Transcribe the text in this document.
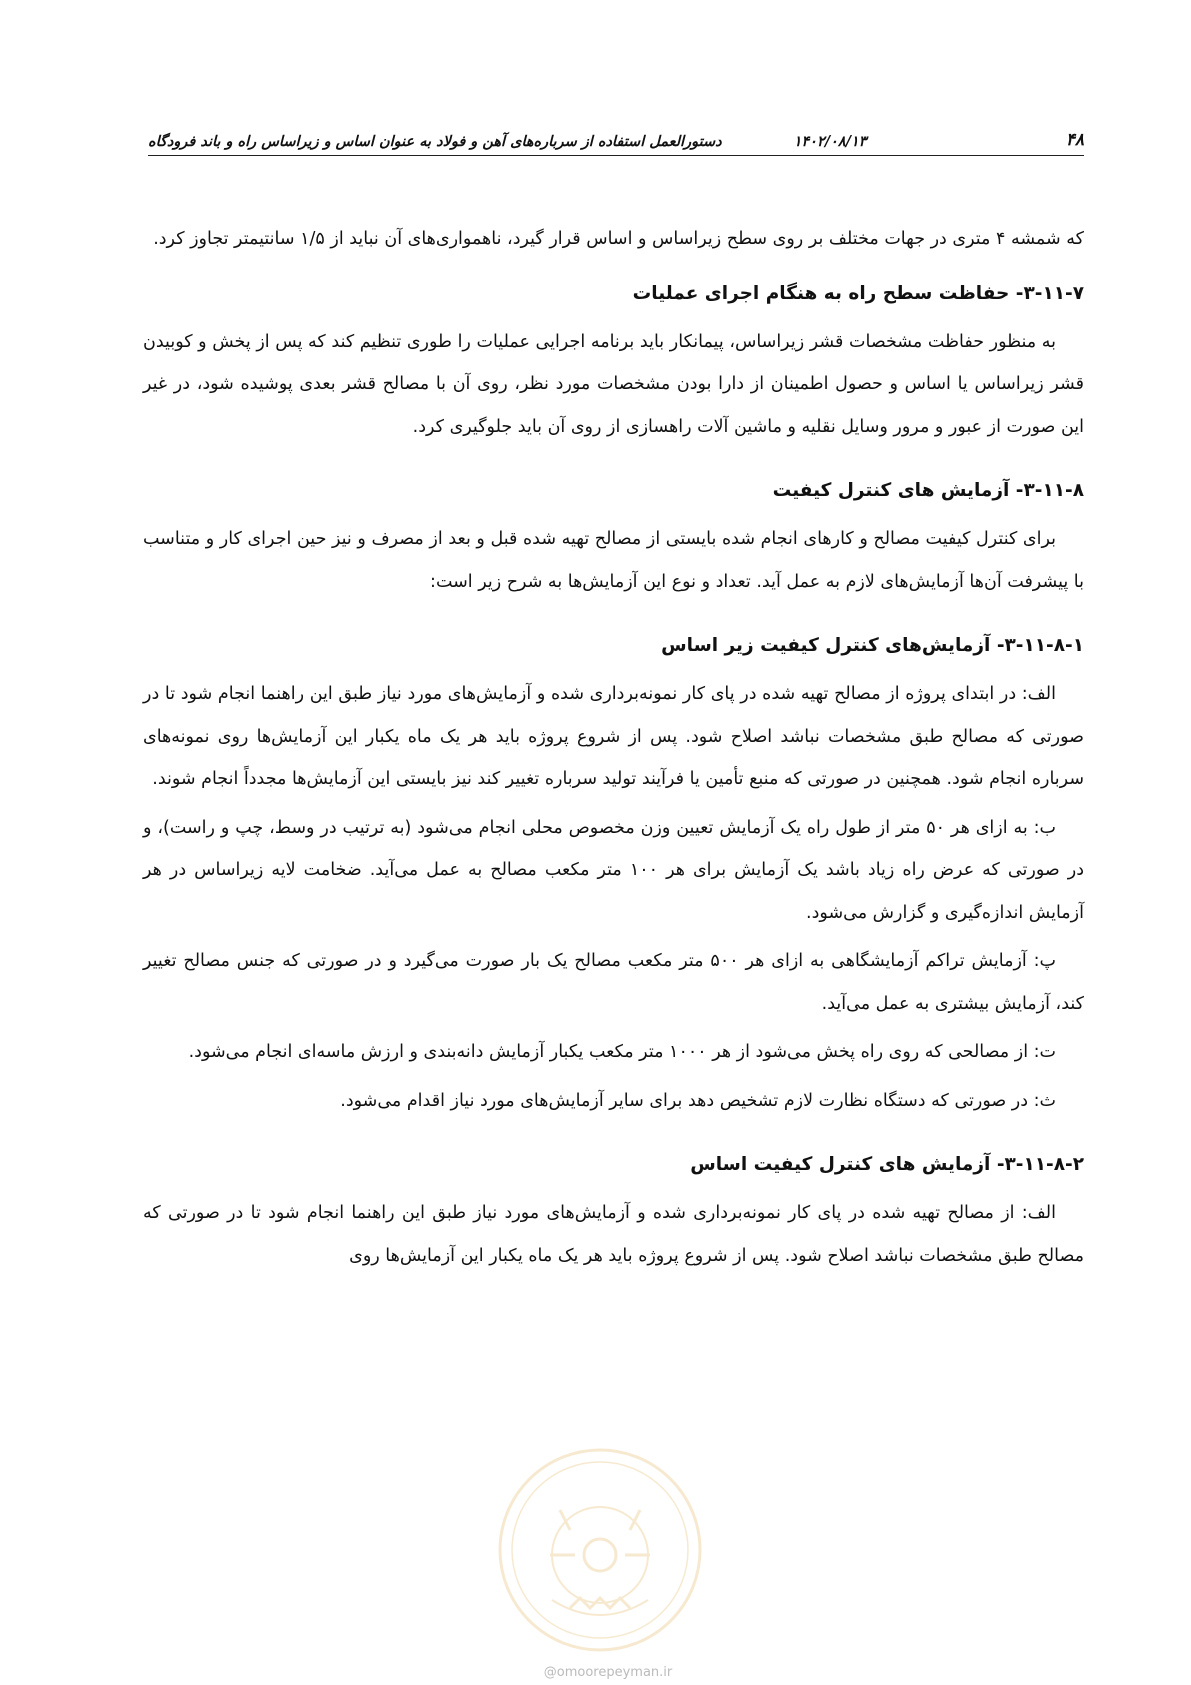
۴۸
۱۴۰۲/۰۸/۱۳
دستورالعمل استفاده از سرباره‌های آهن و فولاد به عنوان اساس و زیراساس راه و باند فرودگاه

که شمشه ۴ متری در جهات مختلف بر روی سطح زیراساس و اساس قرار گیرد، ناهمواری‌های آن نباید از ۱/۵ سانتیمتر تجاوز کرد.

۳-۱۱-۷- حفاظت سطح راه به هنگام اجرای عملیات

به منظور حفاظت مشخصات قشر زیراساس، پیمانکار باید برنامه اجرایی عملیات را طوری تنظیم کند که پس از پخش و کوبیدن قشر زیراساس یا اساس و حصول اطمینان از دارا بودن مشخصات مورد نظر، روی آن با مصالح قشر بعدی پوشیده شود، در غیر این صورت از عبور و مرور وسایل نقلیه و ماشین آلات راهسازی از روی آن باید جلوگیری کرد.

۳-۱۱-۸- آزمایش های کنترل کیفیت

برای کنترل کیفیت مصالح و کارهای انجام شده بایستی از مصالح تهیه شده قبل و بعد از مصرف و نیز حین اجرای کار و متناسب با پیشرفت آن‌ها آزمایش‌های لازم به عمل آید. تعداد و نوع این آزمایش‌ها به شرح زیر است:

۳-۱۱-۸-۱- آزمایش‌های کنترل کیفیت زیر اساس

الف: در ابتدای پروژه از مصالح تهیه شده در پای کار نمونه‌برداری شده و آزمایش‌های مورد نیاز طبق این راهنما انجام شود تا در صورتی که مصالح طبق مشخصات نباشد اصلاح شود. پس از شروع پروژه باید هر یک ماه یکبار این آزمایش‌ها روی نمونه‌های سرباره انجام شود. همچنین در صورتی که منبع تأمین یا فرآیند تولید سرباره تغییر کند نیز بایستی این آزمایش‌ها مجدداً انجام شوند.

ب: به ازای هر ۵۰ متر از طول راه یک آزمایش تعیین وزن مخصوص محلی انجام می‌شود (به ترتیب در وسط، چپ و راست)، و در صورتی که عرض راه زیاد باشد یک آزمایش برای هر ۱۰۰ متر مکعب مصالح به عمل می‌آید. ضخامت لایه زیراساس در هر آزمایش اندازه‌گیری و گزارش می‌شود.

پ: آزمایش تراکم آزمایشگاهی به ازای هر ۵۰۰ متر مکعب مصالح یک بار صورت می‌گیرد و در صورتی که جنس مصالح تغییر کند، آزمایش بیشتری به عمل می‌آید.

ت: از مصالحی که روی راه پخش می‌شود از هر ۱۰۰۰ متر مکعب یکبار آزمایش دانه‌بندی و ارزش ماسه‌ای انجام می‌شود.

ث: در صورتی که دستگاه نظارت لازم تشخیص دهد برای سایر آزمایش‌های مورد نیاز اقدام می‌شود.

۳-۱۱-۸-۲- آزمایش های کنترل کیفیت اساس

الف: از مصالح تهیه شده در پای کار نمونه‌برداری شده و آزمایش‌های مورد نیاز طبق این راهنما انجام شود تا در صورتی که مصالح طبق مشخصات نباشد اصلاح شود. پس از شروع پروژه باید هر یک ماه یکبار این آزمایش‌ها روی

@omoorepeyman.ir
